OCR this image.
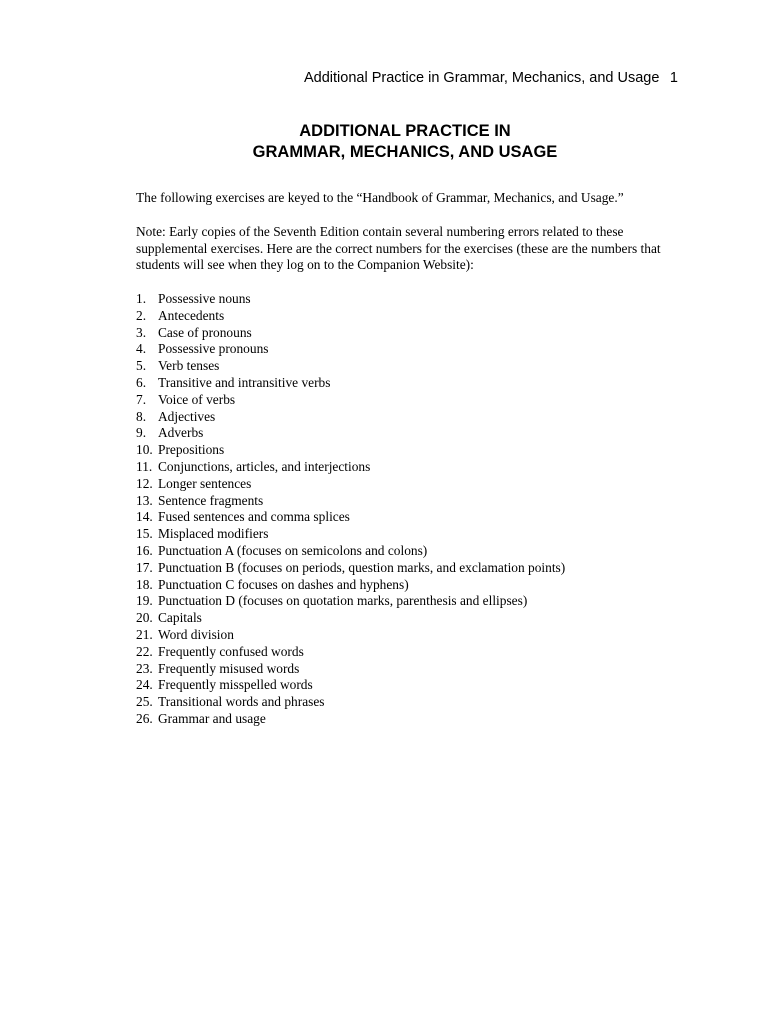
Additional Practice in Grammar, Mechanics, and Usage 1
ADDITIONAL PRACTICE IN
GRAMMAR, MECHANICS, AND USAGE

The following exercises are keyed to the “Handbook of Grammar, Mechanics, and Usage.”

Note: Early copies of the Seventh Edition contain several numbering errors related to these
supplemental exercises. Here are the correct numbers for the exercises (these are the numbers that
students will see when they log on to the Companion Website):

1. Possessive nouns
2. Antecedents
3. Case of pronouns
4. Possessive pronouns
5. Verb tenses
6. Transitive and intransitive verbs
7. Voice of verbs
8. Adjectives
9. Adverbs
10. Prepositions
11. Conjunctions, articles, and interjections
12. Longer sentences
13. Sentence fragments
14. Fused sentences and comma splices
15. Misplaced modifiers
16. Punctuation A (focuses on semicolons and colons)
17. Punctuation B (focuses on periods, question marks, and exclamation points)
18. Punctuation C focuses on dashes and hyphens)
19. Punctuation D (focuses on quotation marks, parenthesis and ellipses)
20. Capitals
21. Word division
22. Frequently confused words
23. Frequently misused words
24. Frequently misspelled words
25. Transitional words and phrases
26. Grammar and usage
